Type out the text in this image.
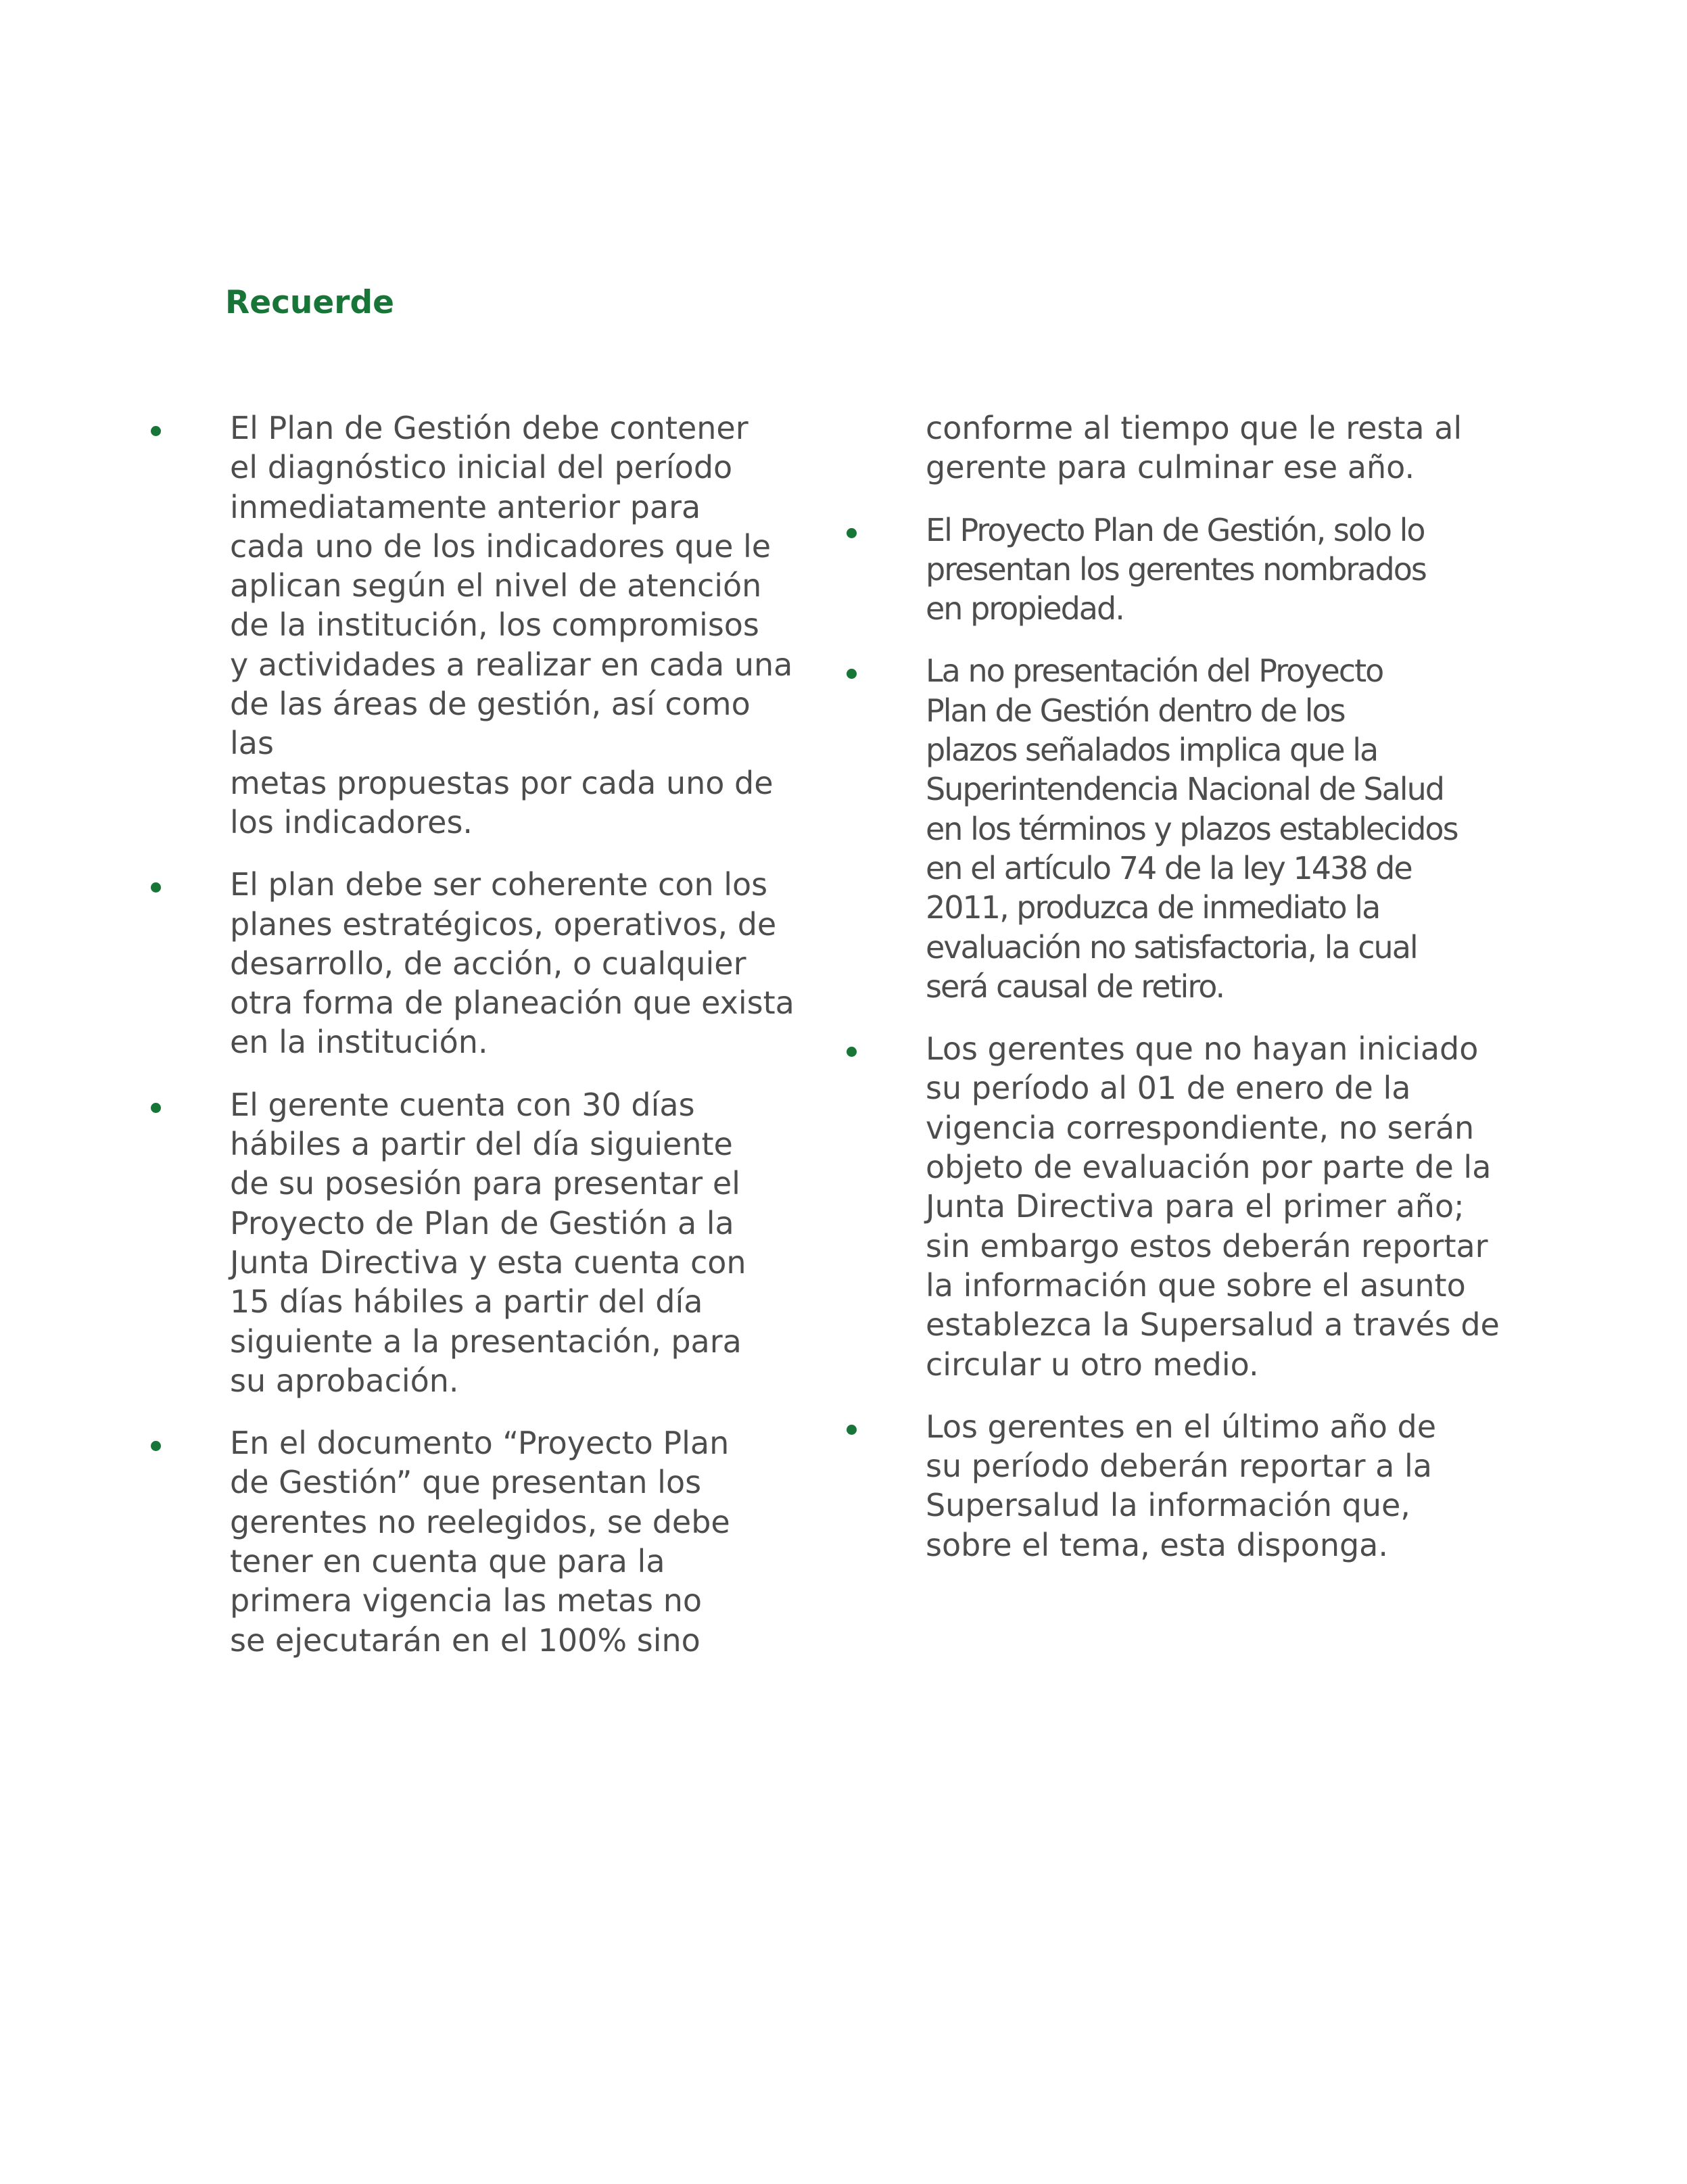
Recuerde
El Plan de Gestión debe contener
el diagnóstico inicial del período
inmediatamente anterior para
cada uno de los indicadores que le
aplican según el nivel de atención
de la institución, los compromisos
y actividades a realizar en cada una
de las áreas de gestión, así como las
metas propuestas por cada uno de
los indicadores.
El plan debe ser coherente con los
planes estratégicos, operativos, de
desarrollo, de acción, o cualquier
otra forma de planeación que exista
en la institución.
El gerente cuenta con 30 días
hábiles a partir del día siguiente
de su posesión para presentar el
Proyecto de Plan de Gestión a la
Junta Directiva y esta cuenta con
15 días hábiles a partir del día
siguiente a la presentación, para
su aprobación.
En el documento “Proyecto Plan
de Gestión” que presentan los
gerentes no reelegidos, se debe
tener en cuenta que para la
primera vigencia las metas no
se ejecutarán en el 100% sino
conforme al tiempo que le resta al
gerente para culminar ese año.
El Proyecto Plan de Gestión, solo lo
presentan los gerentes nombrados
en propiedad.
La no presentación del Proyecto
Plan de Gestión dentro de los
plazos señalados implica que la
Superintendencia Nacional de Salud
en los términos y plazos establecidos
en el artículo 74 de la ley 1438 de
2011, produzca de inmediato la
evaluación no satisfactoria, la cual
será causal de retiro.
Los gerentes que no hayan iniciado
su período al 01 de enero de la
vigencia correspondiente, no serán
objeto de evaluación por parte de la
Junta Directiva para el primer año;
sin embargo estos deberán reportar
la información que sobre el asunto
establezca la Supersalud a través de
circular u otro medio.
Los gerentes en el último año de
su período deberán reportar a la
Supersalud la información que,
sobre el tema, esta disponga.
